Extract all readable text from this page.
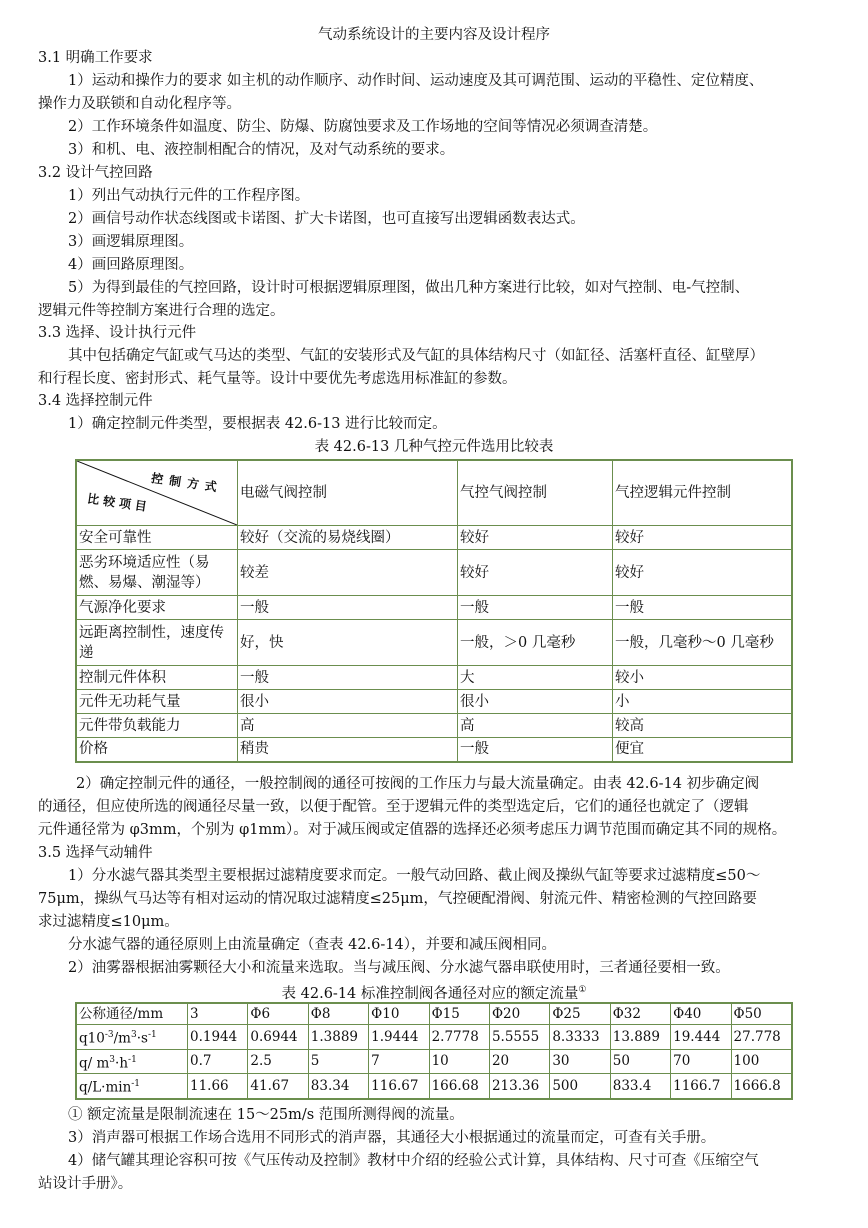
气动系统设计的主要内容及设计程序
3.1 明确工作要求
1）运动和操作力的要求 如主机的动作顺序、动作时间、运动速度及其可调范围、运动的平稳性、定位精度、
操作力及联锁和自动化程序等。
2）工作环境条件如温度、防尘、防爆、防腐蚀要求及工作场地的空间等情况必须调查清楚。
3）和机、电、液控制相配合的情况，及对气动系统的要求。
3.2 设计气控回路
1）列出气动执行元件的工作程序图。
2）画信号动作状态线图或卡诺图、扩大卡诺图，也可直接写出逻辑函数表达式。
3）画逻辑原理图。
4）画回路原理图。
5）为得到最佳的气控回路，设计时可根据逻辑原理图，做出几种方案进行比较，如对气控制、电-气控制、
逻辑元件等控制方案进行合理的选定。
3.3 选择、设计执行元件
其中包括确定气缸或气马达的类型、气缸的安装形式及气缸的具体结构尺寸（如缸径、活塞杆直径、缸壁厚）
和行程长度、密封形式、耗气量等。设计中要优先考虑选用标准缸的参数。
3.4 选择控制元件
1）确定控制元件类型，要根据表 42.6-13 进行比较而定。
表 42.6-13 几种气控元件选用比较表
控制方式
比较项目	电磁气阀控制	气控气阀控制	气控逻辑元件控制
安全可靠性	较好（交流的易烧线圈）	较好	较好
恶劣环境适应性（易燃、易爆、潮湿等）	较差	较好	较好
气源净化要求	一般	一般	一般
远距离控制性，速度传递	好，快	一般，＞0 几毫秒	一般，几毫秒～0 几毫秒
控制元件体积	一般	大	较小
元件无功耗气量	很小	很小	小
元件带负载能力	高	高	较高
价格	稍贵	一般	便宜
2）确定控制元件的通径，一般控制阀的通径可按阀的工作压力与最大流量确定。由表 42.6-14 初步确定阀
的通径，但应使所选的阀通径尽量一致，以便于配管。至于逻辑元件的类型选定后，它们的通径也就定了（逻辑
元件通径常为 φ3mm，个别为 φ1mm）。对于减压阀或定值器的选择还必须考虑压力调节范围而确定其不同的规格。
3.5 选择气动辅件
1）分水滤气器其类型主要根据过滤精度要求而定。一般气动回路、截止阀及操纵气缸等要求过滤精度≤50～
75μm，操纵气马达等有相对运动的情况取过滤精度≤25μm，气控硬配滑阀、射流元件、精密检测的气控回路要
求过滤精度≤10μm。
分水滤气器的通径原则上由流量确定（查表 42.6-14），并要和减压阀相同。
2）油雾器根据油雾颗径大小和流量来选取。当与减压阀、分水滤气器串联使用时，三者通径要相一致。
表 42.6-14 标准控制阀各通径对应的额定流量①
公称通径/mm	3	Φ6	Φ8	Φ10	Φ15	Φ20	Φ25	Φ32	Φ40	Φ50
$q10^{-3}/m^3\cdot s^{-1}$	0.1944	0.6944	1.3889	1.9444	2.7778	5.5555	8.3333	13.889	19.444	27.778
q/ $m^3\cdot h^{-1}$	0.7	2.5	5	7	10	20	30	50	70	100
$q/L\cdot\min^{-1}$	11.66	41.67	83.34	116.67	166.68	213.36	500	833.4	1166.7	1666.8
① 额定流量是限制流速在 15～25m/s 范围所测得阀的流量。
3）消声器可根据工作场合选用不同形式的消声器，其通径大小根据通过的流量而定，可查有关手册。
4）储气罐其理论容积可按《气压传动及控制》教材中介绍的经验公式计算，具体结构、尺寸可查《压缩空气
站设计手册》。
